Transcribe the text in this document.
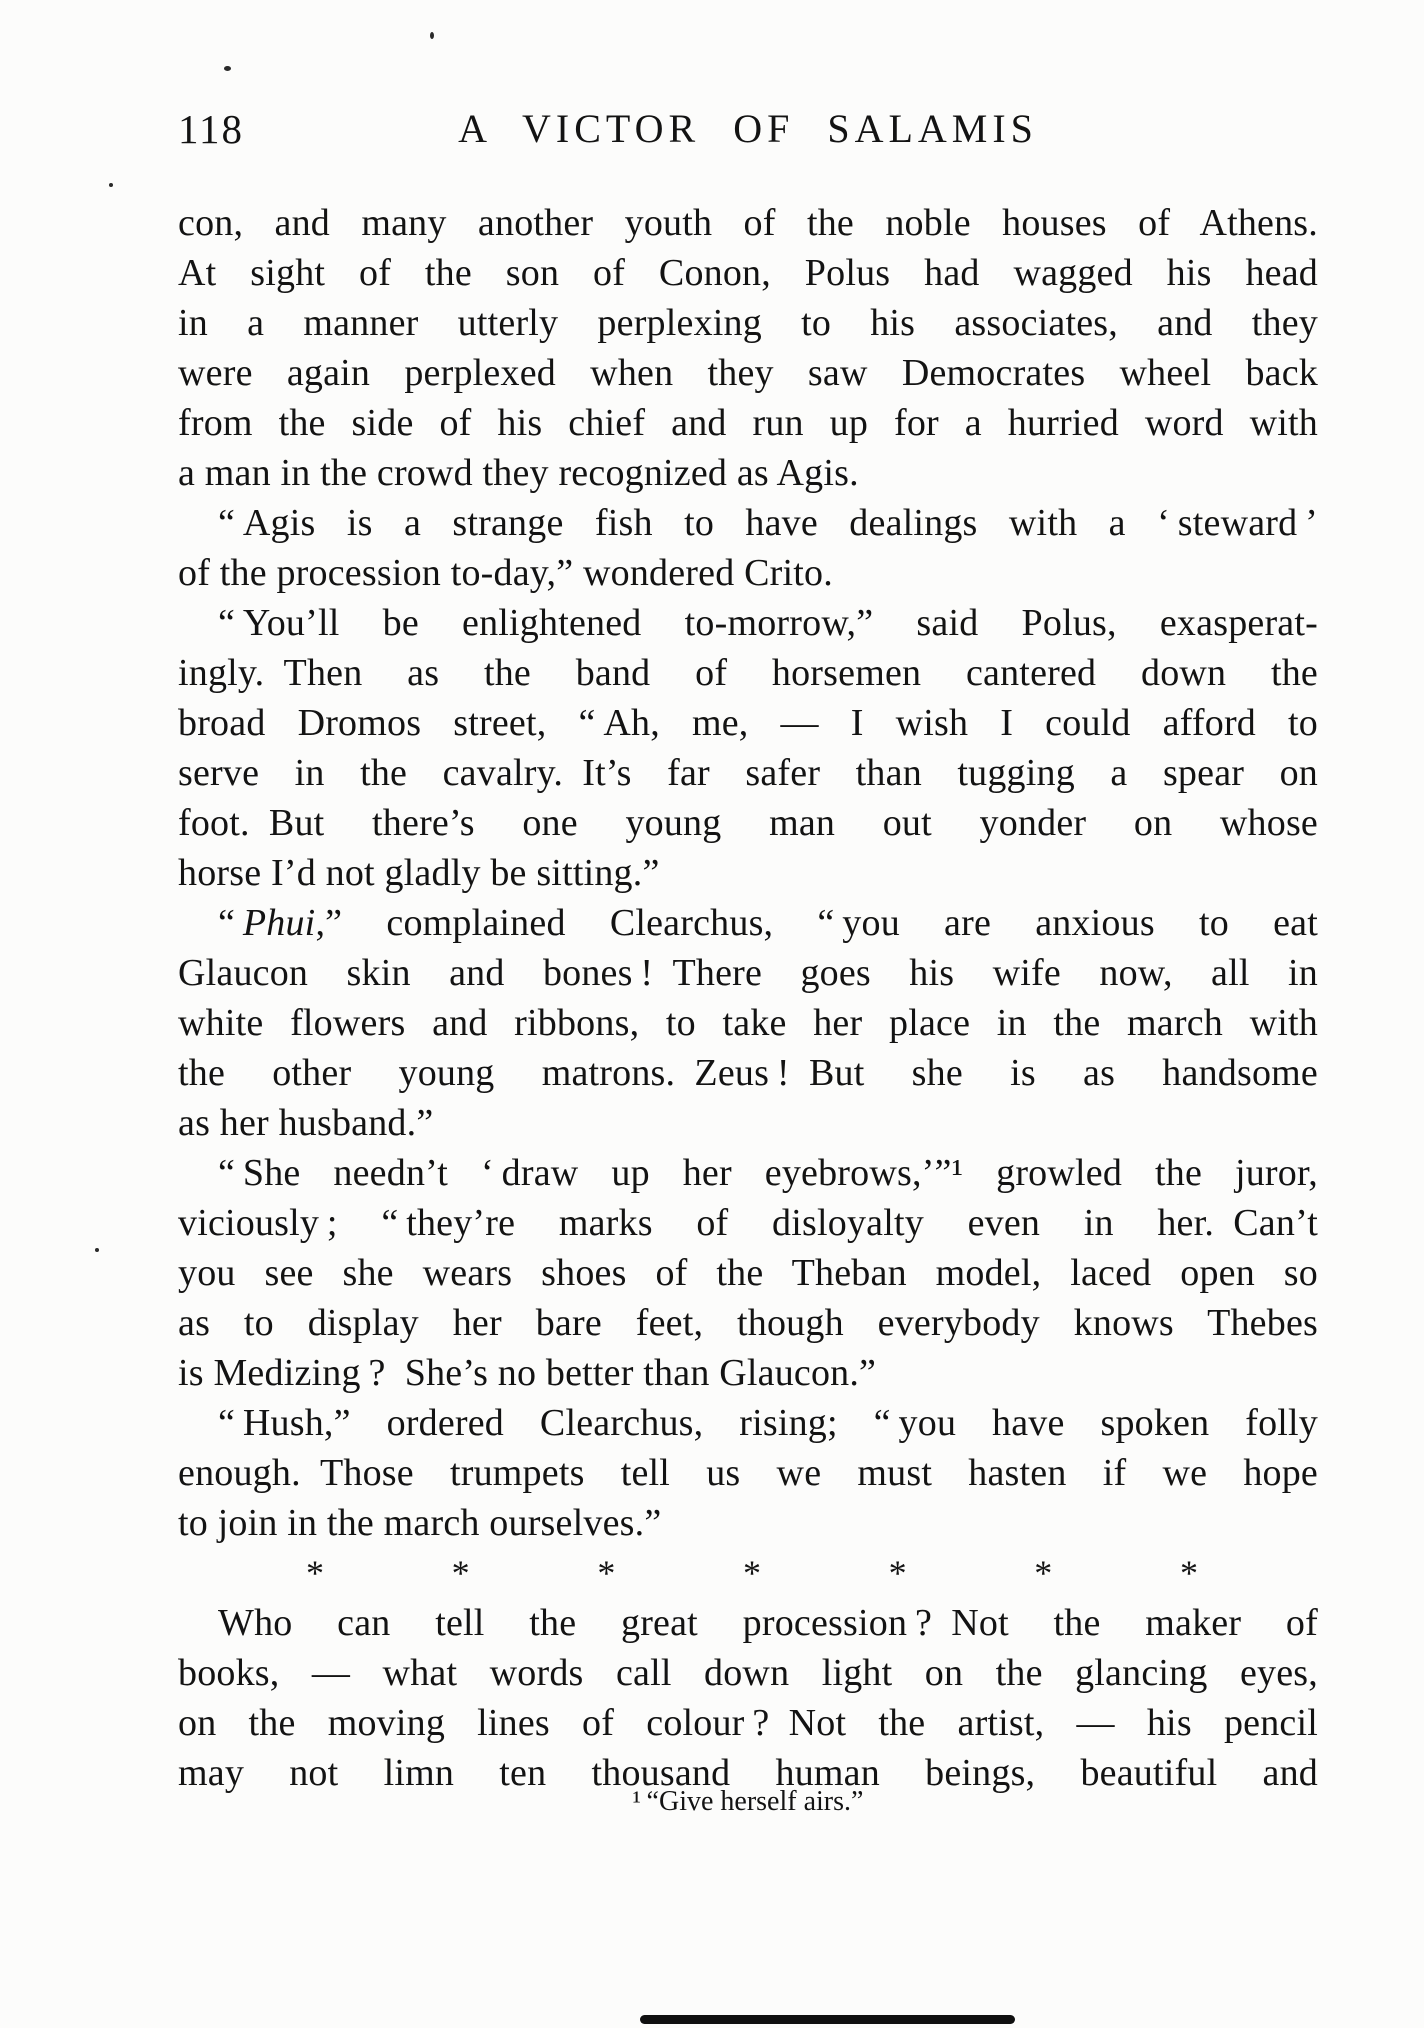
118	A VICTOR OF SALAMIS
con, and many another youth of the noble houses of Athens.
At sight of the son of Conon, Polus had wagged his head
in a manner utterly perplexing to his associates, and they
were again perplexed when they saw Democrates wheel back
from the side of his chief and run up for a hurried word with
a man in the crowd they recognized as Agis.
“ Agis is a strange fish to have dealings with a ‘ steward ’
of the procession to-day,” wondered Crito.
“ You’ll be enlightened to-morrow,” said Polus, exasperat-
ingly. Then as the band of horsemen cantered down the
broad Dromos street, “ Ah, me, — I wish I could afford to
serve in the cavalry. It’s far safer than tugging a spear on
foot. But there’s one young man out yonder on whose
horse I’d not gladly be sitting.”
“ Phui,” complained Clearchus, “ you are anxious to eat
Glaucon skin and bones ! There goes his wife now, all in
white flowers and ribbons, to take her place in the march with
the other young matrons. Zeus ! But she is as handsome
as her husband.”
“ She needn’t ‘ draw up her eyebrows,’”¹ growled the juror,
viciously ; “ they’re marks of disloyalty even in her. Can’t
you see she wears shoes of the Theban model, laced open so
as to display her bare feet, though everybody knows Thebes
is Medizing ? She’s no better than Glaucon.”
“ Hush,” ordered Clearchus, rising; “ you have spoken folly
enough. Those trumpets tell us we must hasten if we hope
to join in the march ourselves.”
*	*	*	*	*	*	*
Who can tell the great procession ? Not the maker of
books, — what words call down light on the glancing eyes,
on the moving lines of colour ? Not the artist, — his pencil
may not limn ten thousand human beings, beautiful and
¹ “Give herself airs.”
